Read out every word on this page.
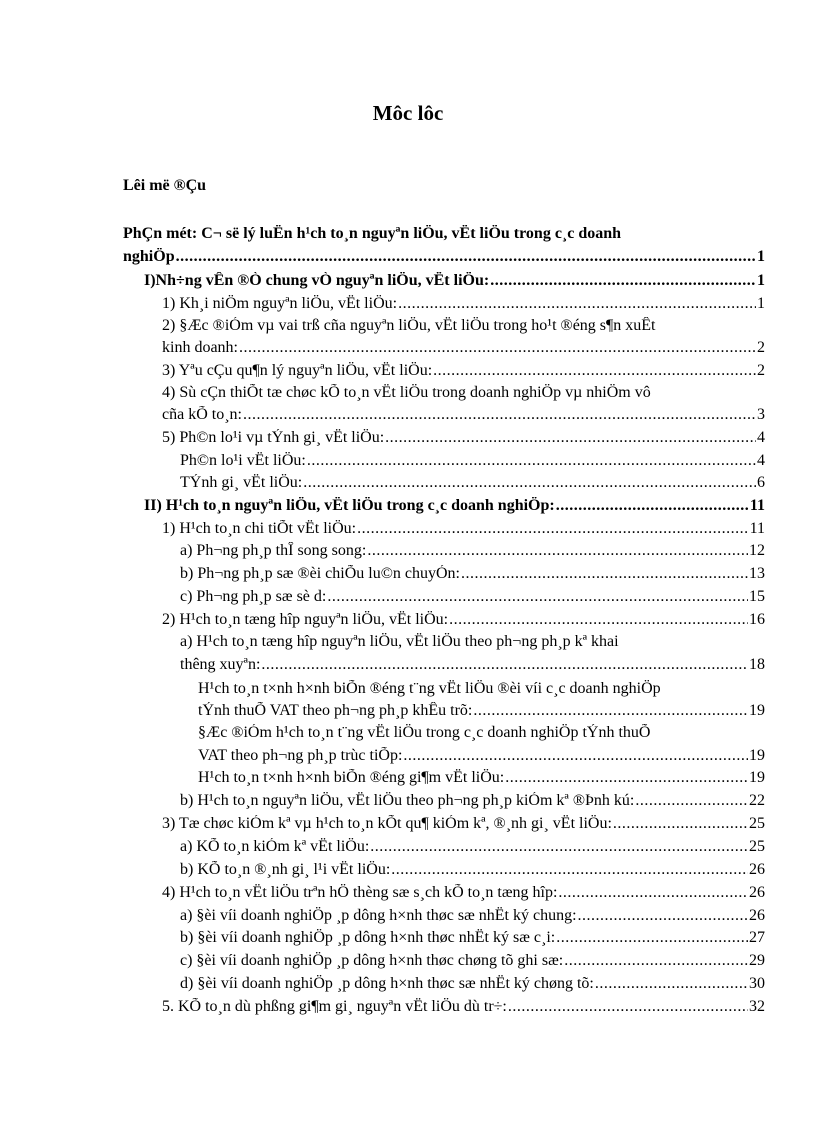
Môc lôc
Lêi më ®Çu
PhÇn mét: C¬ së lý luËn h¹ch to¸n nguyªn liÖu, vËt liÖu trong c¸c doanh
nghiÖp .....	1
I)Nh÷ng vÊn ®Ò chung vÒ nguyªn liÖu, vËt liÖu: .....	1
1) Kh¸i niÖm nguyªn liÖu, vËt liÖu: .....	1
2) §Æc ®iÓm vµ vai trß cña nguyªn liÖu, vËt liÖu trong ho¹t ®éng s¶n xuÊt
kinh doanh: .....	2
3) Yªu cÇu qu¶n lý nguyªn liÖu, vËt liÖu: .....	2
4) Sù cÇn thiÕt tæ chøc kÕ to¸n vËt liÖu trong doanh nghiÖp vµ nhiÖm vô
cña kÕ to¸n: .....	3
5) Ph©n lo¹i vµ tÝnh gi¸ vËt liÖu: .....	4
Ph©n lo¹i vËt liÖu: .....	4
TÝnh gi¸ vËt liÖu: .....	6
II) H¹ch to¸n nguyªn liÖu, vËt liÖu trong c¸c doanh nghiÖp: .....	11
1) H¹ch to¸n chi tiÕt vËt liÖu: .....	11
a) Ph¬ng ph¸p thÎ song song: .....	12
b) Ph¬ng ph¸p sæ ®èi chiÕu lu©n chuyÓn: .....	13
c) Ph¬ng ph¸p sæ sè d: .....	15
2) H¹ch to¸n tæng hîp nguyªn liÖu, vËt liÖu: .....	16
a) H¹ch to¸n tæng hîp nguyªn liÖu, vËt liÖu theo ph¬ng ph¸p kª khai
thêng xuyªn: .....	18
H¹ch to¸n t×nh h×nh biÕn ®éng t¨ng vËt liÖu ®èi víi c¸c doanh nghiÖp
tÝnh thuÕ VAT theo ph¬ng ph¸p khÊu trõ: .....	19
§Æc ®iÓm h¹ch to¸n t¨ng vËt liÖu trong c¸c doanh nghiÖp tÝnh thuÕ
VAT theo ph¬ng ph¸p trùc tiÕp: .....	19
H¹ch to¸n t×nh h×nh biÕn ®éng gi¶m vËt liÖu: .....	19
b) H¹ch to¸n nguyªn liÖu, vËt liÖu theo ph¬ng ph¸p kiÓm kª ®Þnh kú: .....	22
3) Tæ chøc kiÓm kª vµ h¹ch to¸n kÕt qu¶ kiÓm kª, ®¸nh gi¸ vËt liÖu: .....	25
a) KÕ to¸n kiÓm kª vËt liÖu: .....	25
b) KÕ to¸n ®¸nh gi¸ l¹i vËt liÖu: .....	26
4) H¹ch to¸n vËt liÖu trªn hÖ thèng sæ s¸ch kÕ to¸n tæng hîp: .....	26
a) §èi víi doanh nghiÖp ¸p dông h×nh thøc sæ nhËt ký chung: .....	26
b) §èi víi doanh nghiÖp ¸p dông h×nh thøc nhËt ký sæ c¸i: .....	27
c) §èi víi doanh nghiÖp ¸p dông h×nh thøc chøng tõ ghi sæ: .....	29
d) §èi víi doanh nghiÖp ¸p dông h×nh thøc sæ nhËt ký chøng tõ: .....	30
5. KÕ to¸n dù phßng gi¶m gi¸ nguyªn vËt liÖu dù tr÷: .....	32
